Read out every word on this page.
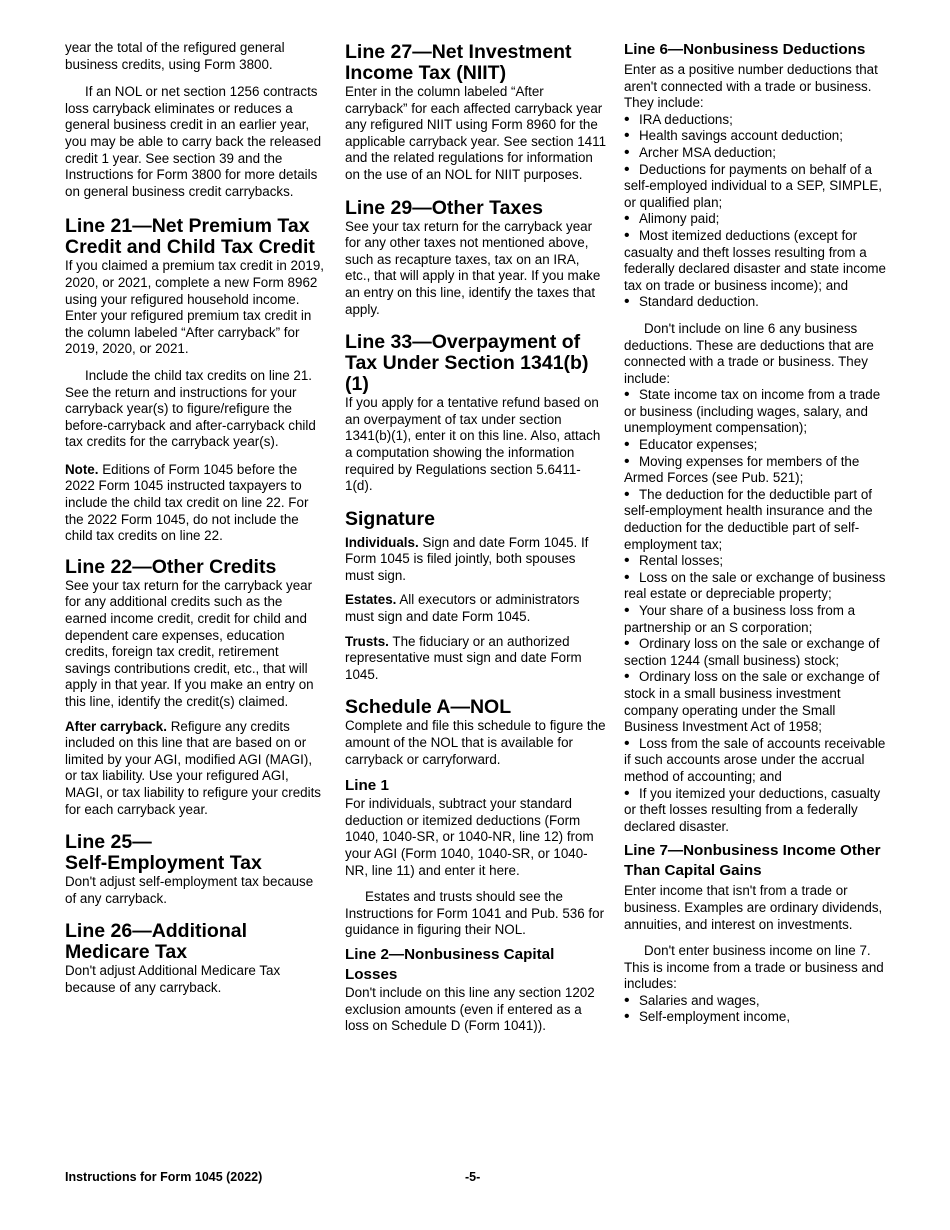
year the total of the refigured general business credits, using Form 3800.

If an NOL or net section 1256 contracts loss carryback eliminates or reduces a general business credit in an earlier year, you may be able to carry back the released credit 1 year. See section 39 and the Instructions for Form 3800 for more details on general business credit carrybacks.

Line 21—Net Premium Tax Credit and Child Tax Credit

If you claimed a premium tax credit in 2019, 2020, or 2021, complete a new Form 8962 using your refigured household income. Enter your refigured premium tax credit in the column labeled “After carryback” for 2019, 2020, or 2021.

Include the child tax credits on line 21. See the return and instructions for your carryback year(s) to figure/refigure the before-carryback and after-carryback child tax credits for the carryback year(s).

Note. Editions of Form 1045 before the 2022 Form 1045 instructed taxpayers to include the child tax credit on line 22. For the 2022 Form 1045, do not include the child tax credits on line 22.

Line 22—Other Credits

See your tax return for the carryback year for any additional credits such as the earned income credit, credit for child and dependent care expenses, education credits, foreign tax credit, retirement savings contributions credit, etc., that will apply in that year. If you make an entry on this line, identify the credit(s) claimed.

After carryback. Refigure any credits included on this line that are based on or limited by your AGI, modified AGI (MAGI), or tax liability. Use your refigured AGI, MAGI, or tax liability to refigure your credits for each carryback year.

Line 25—
Self-Employment Tax

Don't adjust self-employment tax because of any carryback.

Line 26—Additional Medicare Tax

Don't adjust Additional Medicare Tax because of any carryback.

Line 27—Net Investment Income Tax (NIIT)

Enter in the column labeled “After carryback” for each affected carryback year any refigured NIIT using Form 8960 for the applicable carryback year. See section 1411 and the related regulations for information on the use of an NOL for NIIT purposes.

Line 29—Other Taxes

See your tax return for the carryback year for any other taxes not mentioned above, such as recapture taxes, tax on an IRA, etc., that will apply in that year. If you make an entry on this line, identify the taxes that apply.

Line 33—Overpayment of Tax Under Section 1341(b)(1)

If you apply for a tentative refund based on an overpayment of tax under section 1341(b)(1), enter it on this line. Also, attach a computation showing the information required by Regulations section 5.6411-1(d).

Signature

Individuals. Sign and date Form 1045. If Form 1045 is filed jointly, both spouses must sign.

Estates. All executors or administrators must sign and date Form 1045.

Trusts. The fiduciary or an authorized representative must sign and date Form 1045.

Schedule A—NOL

Complete and file this schedule to figure the amount of the NOL that is available for carryback or carryforward.

Line 1

For individuals, subtract your standard deduction or itemized deductions (Form 1040, 1040-SR, or 1040-NR, line 12) from your AGI (Form 1040, 1040-SR, or 1040-NR, line 11) and enter it here.

Estates and trusts should see the Instructions for Form 1041 and Pub. 536 for guidance in figuring their NOL.

Line 2—Nonbusiness Capital Losses

Don't include on this line any section 1202 exclusion amounts (even if entered as a loss on Schedule D (Form 1041)).

Line 6—Nonbusiness Deductions

Enter as a positive number deductions that aren't connected with a trade or business. They include:

• IRA deductions;
• Health savings account deduction;
• Archer MSA deduction;
• Deductions for payments on behalf of a self-employed individual to a SEP, SIMPLE, or qualified plan;
• Alimony paid;
• Most itemized deductions (except for casualty and theft losses resulting from a federally declared disaster and state income tax on trade or business income); and
• Standard deduction.

Don't include on line 6 any business deductions. These are deductions that are connected with a trade or business. They include:

• State income tax on income from a trade or business (including wages, salary, and unemployment compensation);
• Educator expenses;
• Moving expenses for members of the Armed Forces (see Pub. 521);
• The deduction for the deductible part of self-employment health insurance and the deduction for the deductible part of self-employment tax;
• Rental losses;
• Loss on the sale or exchange of business real estate or depreciable property;
• Your share of a business loss from a partnership or an S corporation;
• Ordinary loss on the sale or exchange of section 1244 (small business) stock;
• Ordinary loss on the sale or exchange of stock in a small business investment company operating under the Small Business Investment Act of 1958;
• Loss from the sale of accounts receivable if such accounts arose under the accrual method of accounting; and
• If you itemized your deductions, casualty or theft losses resulting from a federally declared disaster.
Line 7—Nonbusiness Income Other Than Capital Gains

Enter income that isn't from a trade or business. Examples are ordinary dividends, annuities, and interest on investments.

Don't enter business income on line 7. This is income from a trade or business and includes:

• Salaries and wages,
• Self-employment income,
Instructions for Form 1045 (2022)	-5-
